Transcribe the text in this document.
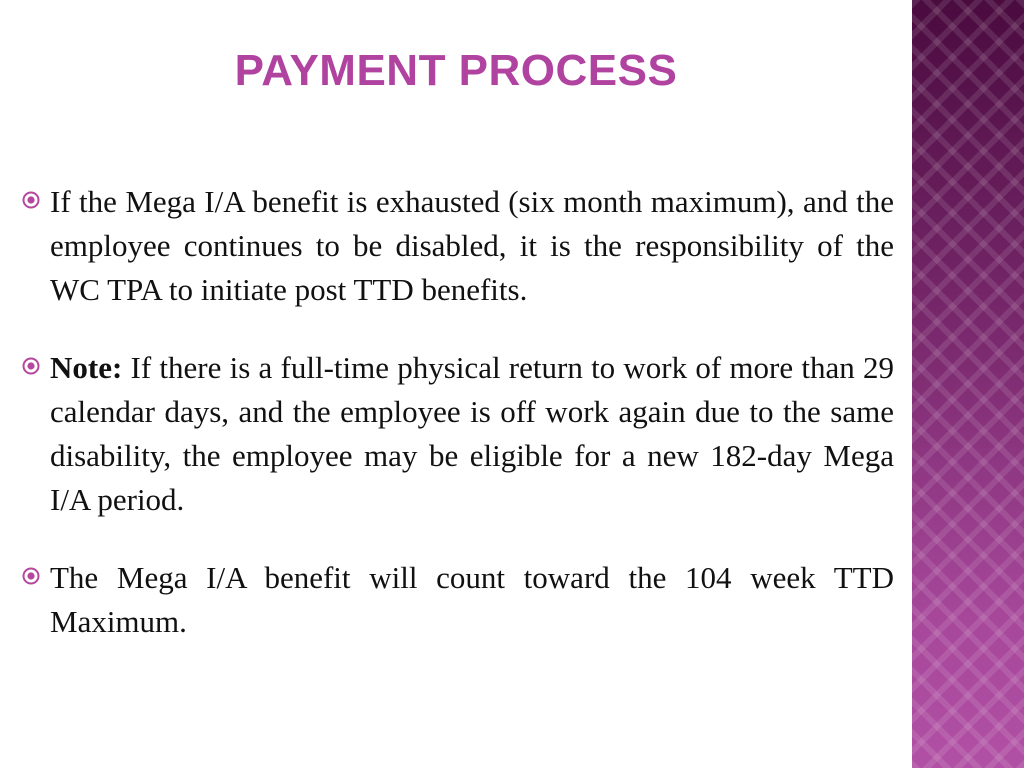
PAYMENT PROCESS
If the Mega I/A benefit is exhausted (six month maximum), and the employee continues to be disabled, it is the responsibility of the WC TPA to initiate post TTD benefits.
Note: If there is a full-time physical return to work of more than 29 calendar days, and the employee is off work again due to the same disability, the employee may be eligible for a new 182-day Mega I/A period.
The Mega I/A benefit will count toward the 104 week TTD Maximum.
